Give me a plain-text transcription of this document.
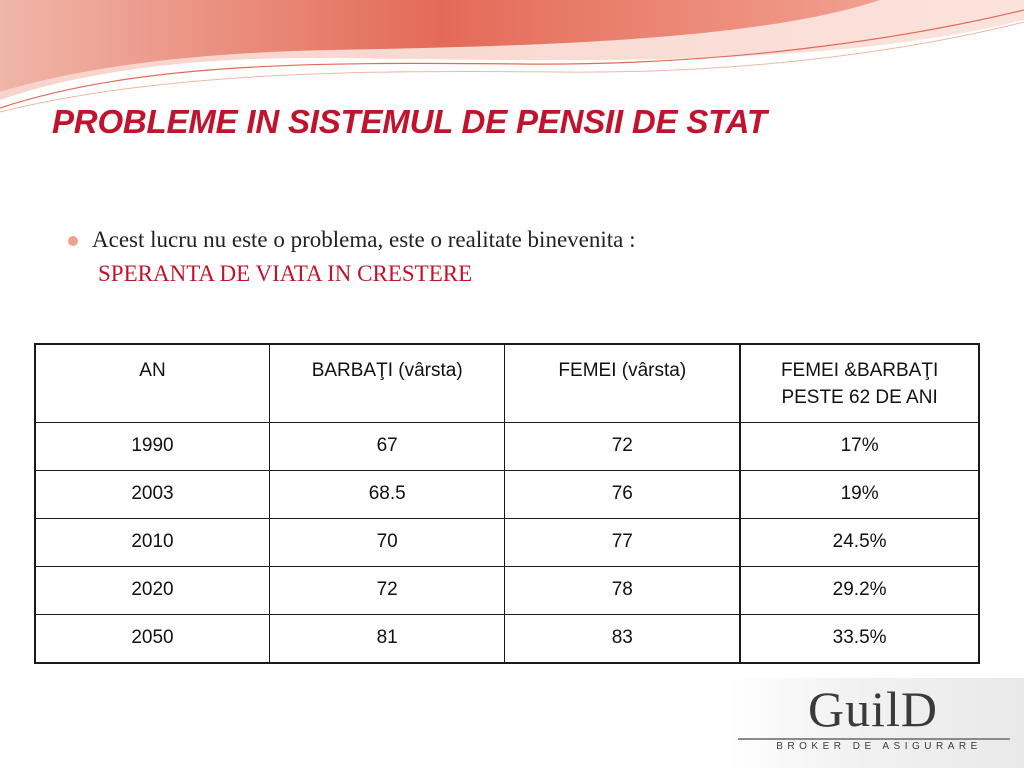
PROBLEME IN SISTEMUL DE PENSII DE STAT
Acest lucru nu este o problema, este o realitate binevenita :
SPERANTA DE VIATA IN CRESTERE
AN	BARBAŢI (vârsta)	FEMEI (vârsta)	FEMEI &BARBAŢI
PESTE 62 DE ANI
1990	67	72	17%
2003	68.5	76	19%
2010	70	77	24.5%
2020	72	78	29.2%
2050	81	83	33.5%
GuilD
BROKER DE ASIGURARE
